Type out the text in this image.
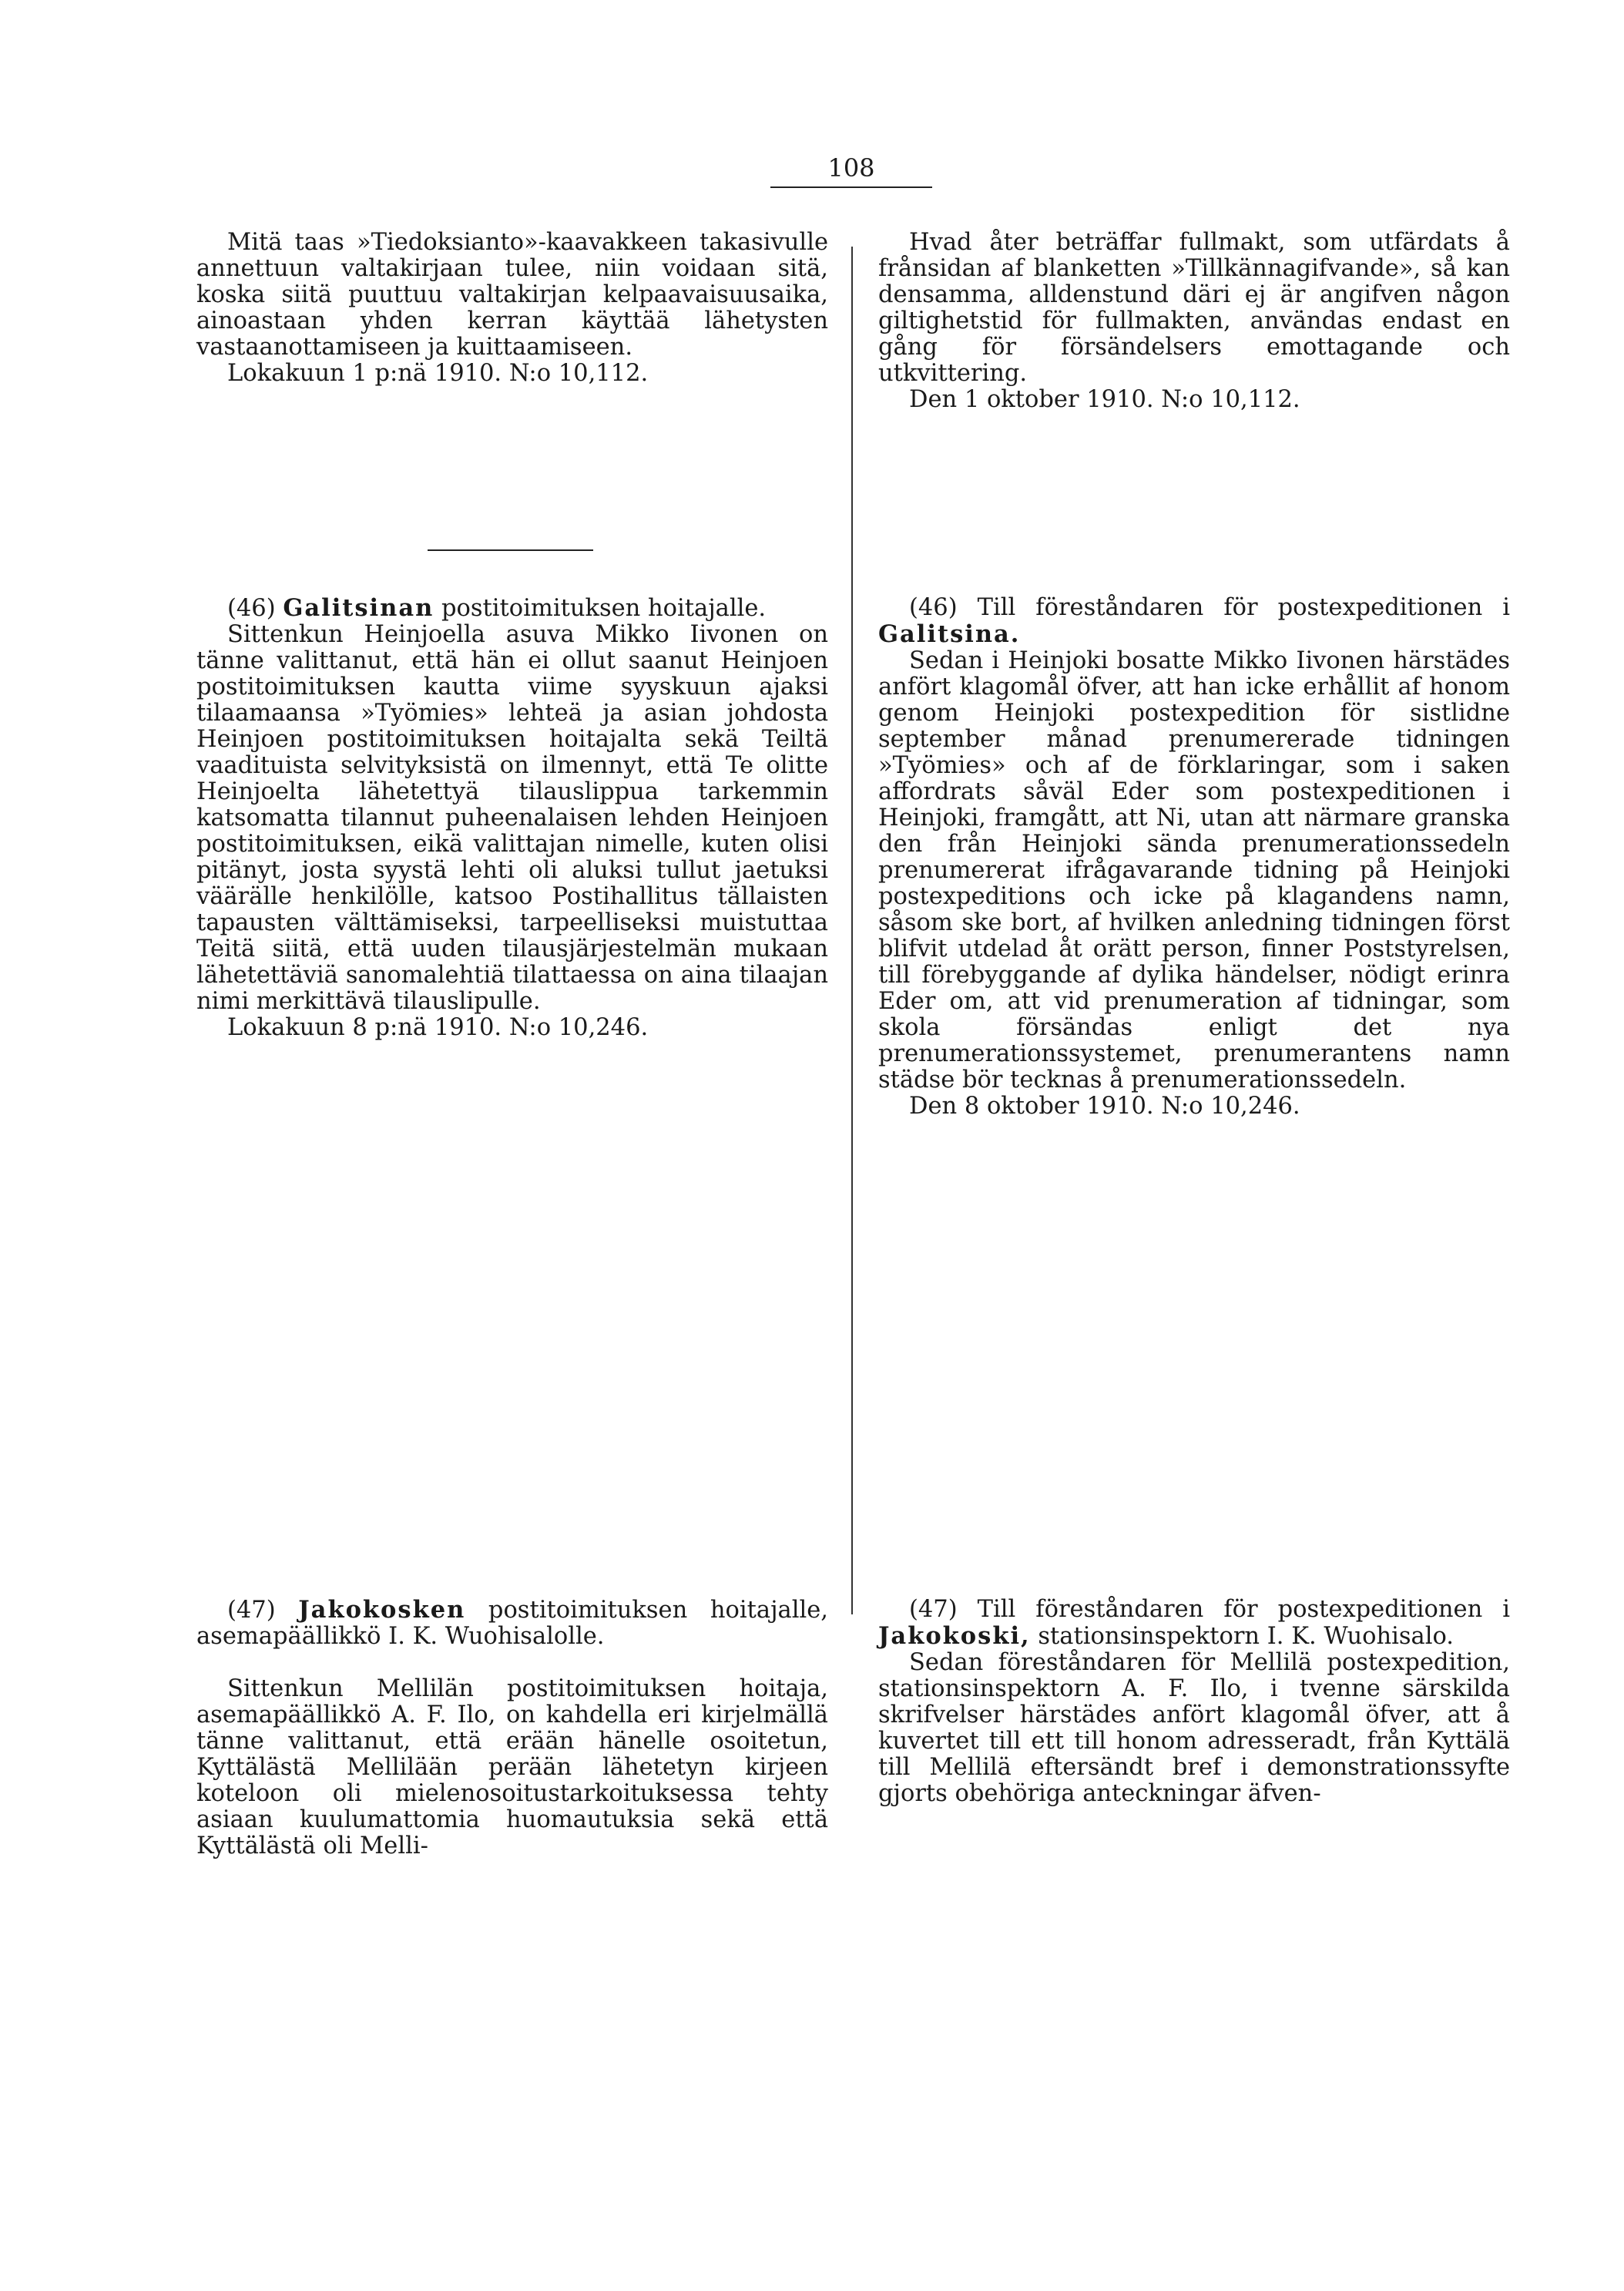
108

Mitä taas »Tiedoksianto»-kaavakkeen takasivulle annettuun valtakirjaan tulee, niin voidaan sitä, koska siitä puuttuu valtakirjan kelpaavaisuusaika, ainoastaan yhden kerran käyttää lähetysten vastaanottamiseen ja kuittaamiseen.

Lokakuun 1 p:nä 1910. N:o 10,112.

Hvad åter beträffar fullmakt, som utfärdats å frånsidan af blanketten »Tillkännagifvande», så kan densamma, alldenstund däri ej är angifven någon giltighetstid för fullmakten, användas endast en gång för försändelsers emottagande och utkvittering.

Den 1 oktober 1910. N:o 10,112.

(46) Galitsinan postitoimituksen hoitajalle.

Sittenkun Heinjoella asuva Mikko Iivonen on tänne valittanut, että hän ei ollut saanut Heinjoen postitoimituksen kautta viime syyskuun ajaksi tilaamaansa »Työmies» lehteä ja asian johdosta Heinjoen postitoimituksen hoitajalta sekä Teiltä vaadituista selvityksistä on ilmennyt, että Te olitte Heinjoelta lähetettyä tilauslippua tarkemmin katsomatta tilannut puheenalaisen lehden Heinjoen postitoimituksen, eikä valittajan nimelle, kuten olisi pitänyt, josta syystä lehti oli aluksi tullut jaetuksi väärälle henkilölle, katsoo Postihallitus tällaisten tapausten välttämiseksi, tarpeelliseksi muistuttaa Teitä siitä, että uuden tilausjärjestelmän mukaan lähetettäviä sanomalehtiä tilattaessa on aina tilaajan nimi merkittävä tilauslipulle.

Lokakuun 8 p:nä 1910. N:o 10,246.

(46) Till föreståndaren för postexpeditionen i Galitsina.

Sedan i Heinjoki bosatte Mikko Iivonen härstädes anfört klagomål öfver, att han icke erhållit af honom genom Heinjoki postexpedition för sistlidne september månad prenumererade tidningen »Työmies» och af de förklaringar, som i saken affordrats såväl Eder som postexpeditionen i Heinjoki, framgått, att Ni, utan att närmare granska den från Heinjoki sända prenumerationssedeln prenumererat ifrågavarande tidning på Heinjoki postexpeditions och icke på klagandens namn, såsom ske bort, af hvilken anledning tidningen först blifvit utdelad åt orätt person, finner Poststyrelsen, till förebyggande af dylika händelser, nödigt erinra Eder om, att vid prenumeration af tidningar, som skola försändas enligt det nya prenumerationssystemet, prenumerantens namn städse bör tecknas å prenumerationssedeln.

Den 8 oktober 1910. N:o 10,246.

(47) Jakokosken postitoimituksen hoitajalle, asemapäällikkö I. K. Wuohisalolle.

Sittenkun Mellilän postitoimituksen hoitaja, asemapäällikkö A. F. Ilo, on kahdella eri kirjelmällä tänne valittanut, että erään hänelle osoitetun, Kyttälästä Mellilään perään lähetetyn kirjeen koteloon oli mielenosoitustarkoituksessa tehty asiaan kuulumattomia huomautuksia sekä että Kyttälästä oli Melli-

(47) Till föreståndaren för postexpeditionen i Jakokoski, stationsinspektorn I. K. Wuohisalo.

Sedan föreståndaren för Mellilä postexpedition, stationsinspektorn A. F. Ilo, i tvenne särskilda skrifvelser härstädes anfört klagomål öfver, att å kuvertet till ett till honom adresseradt, från Kyttälä till Mellilä eftersändt bref i demonstrationssyfte gjorts obehöriga anteckningar äfven-
